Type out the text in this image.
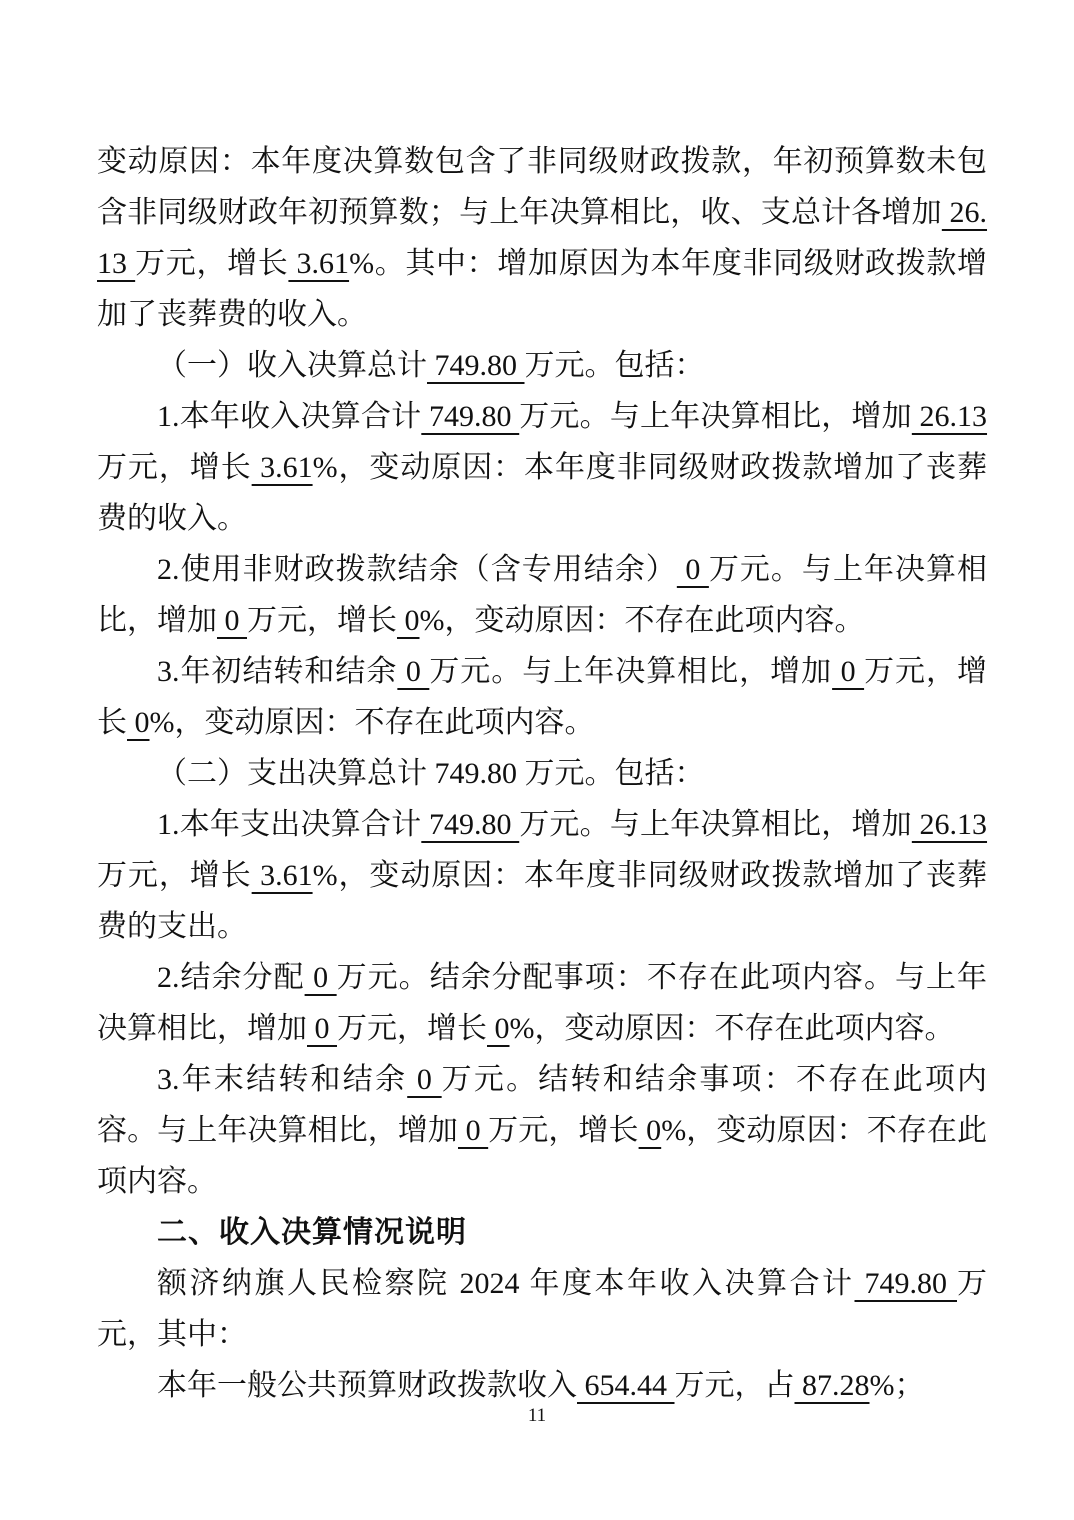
变动原因：本年度决算数包含了非同级财政拨款，年初预算数未包含非同级财政年初预算数；与上年决算相比，收、支总计各增加 26.13 万元，增长 3.61%。其中：增加原因为本年度非同级财政拨款增加了丧葬费的收入。

（一）收入决算总计 749.80 万元。包括：

1.本年收入决算合计 749.80 万元。与上年决算相比，增加 26.13 万元，增长 3.61%，变动原因：本年度非同级财政拨款增加了丧葬费的收入。

2.使用非财政拨款结余（含专用结余） 0 万元。与上年决算相比，增加 0 万元，增长 0%，变动原因：不存在此项内容。

3.年初结转和结余 0 万元。与上年决算相比，增加 0 万元，增长 0%，变动原因：不存在此项内容。

（二）支出决算总计 749.80 万元。包括：

1.本年支出决算合计 749.80 万元。与上年决算相比，增加 26.13 万元，增长 3.61%，变动原因：本年度非同级财政拨款增加了丧葬费的支出。

2.结余分配 0 万元。结余分配事项：不存在此项内容。与上年决算相比，增加 0 万元，增长 0%，变动原因：不存在此项内容。

3.年末结转和结余 0 万元。结转和结余事项：不存在此项内容。与上年决算相比，增加 0 万元，增长 0%，变动原因：不存在此项内容。

二、收入决算情况说明

额济纳旗人民检察院 2024 年度本年收入决算合计 749.80 万元，其中：

本年一般公共预算财政拨款收入 654.44 万元，占 87.28%；

11
